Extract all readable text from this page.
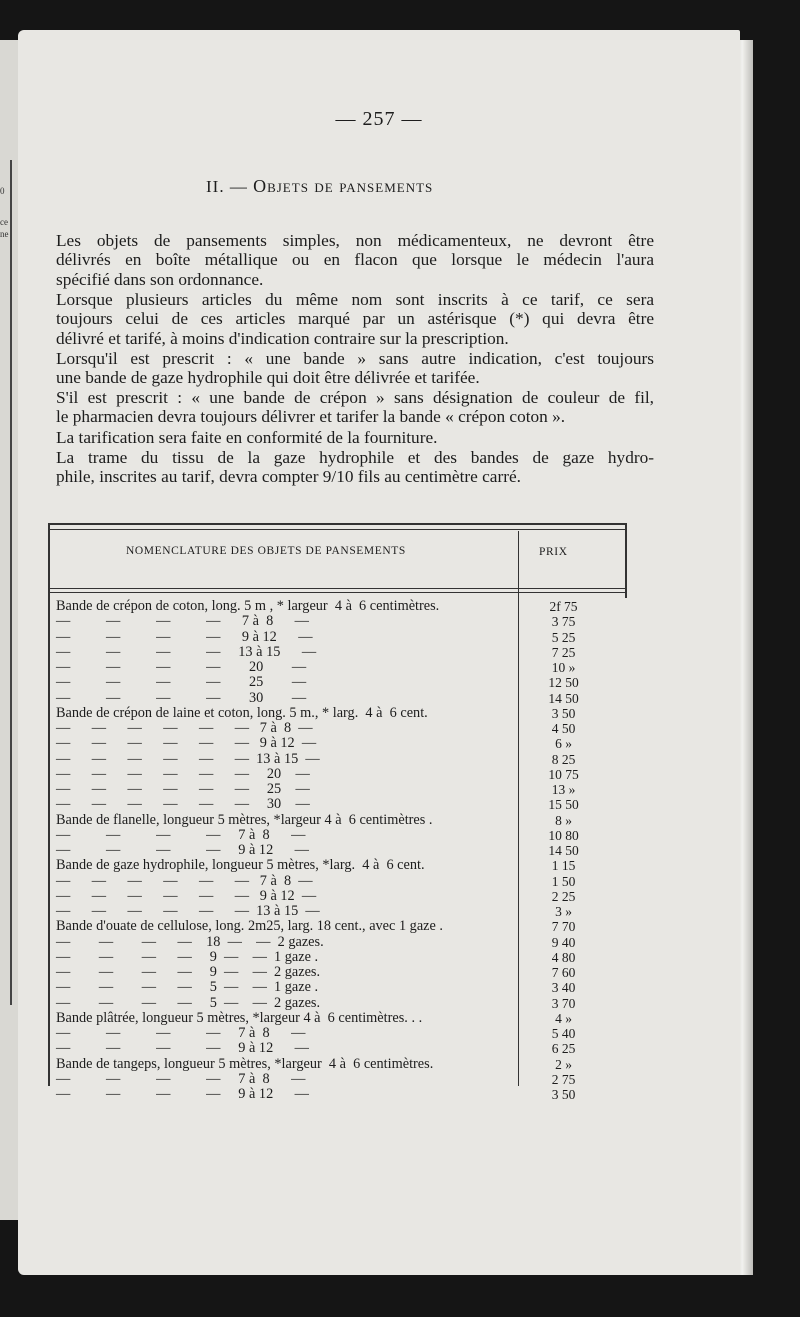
0
ce
ne
— 257 —
II. — Objets de pansements
Les objets de pansements simples, non médicamenteux, ne devront être
délivrés en boîte métallique ou en flacon que lorsque le médecin l'aura
spécifié dans son ordonnance.
Lorsque plusieurs articles du même nom sont inscrits à ce tarif, ce sera
toujours celui de ces articles marqué par un astérisque (*) qui devra être
délivré et tarifé, à moins d'indication contraire sur la prescription.
Lorsqu'il est prescrit : « une bande » sans autre indication, c'est toujours
une bande de gaze hydrophile qui doit être délivrée et tarifée.
S'il est prescrit : « une bande de crépon » sans désignation de couleur de fil,
le pharmacien devra toujours délivrer et tarifer la bande « crépon coton ».
La tarification sera faite en conformité de la fourniture.
La trame du tissu de la gaze hydrophile et des bandes de gaze hydro-
phile, inscrites au tarif, devra compter 9/10 fils au centimètre carré.
NOMENCLATURE DES OBJETS DE PANSEMENTS	PRIX
Bande de crépon de coton, long. 5 m , * largeur  4 à  6 centimètres.	2f 75
—          —          —          —      7 à  8      —	3 75
—          —          —          —      9 à 12      —	5 25
—          —          —          —     13 à 15      —	7 25
—          —          —          —        20        —	10 »
—          —          —          —        25        —	12 50
—          —          —          —        30        —	14 50
Bande de crépon de laine et coton, long. 5 m., * larg.  4 à  6 cent.	3 50
—      —      —      —      —      —   7 à  8  —	4 50
—      —      —      —      —      —   9 à 12  —	6 »
—      —      —      —      —      —  13 à 15  —	8 25
—      —      —      —      —      —     20    —	10 75
—      —      —      —      —      —     25    —	13 »
—      —      —      —      —      —     30    —	15 50
Bande de flanelle, longueur 5 mètres, *largeur 4 à  6 centimètres .	8 »
—          —          —          —     7 à  8      —	10 80
—          —          —          —     9 à 12      —	14 50
Bande de gaze hydrophile, longueur 5 mètres, *larg.  4 à  6 cent.	1 15
—      —      —      —      —      —   7 à  8  —	1 50
—      —      —      —      —      —   9 à 12  —	2 25
—      —      —      —      —      —  13 à 15  —	3 »
Bande d'ouate de cellulose, long. 2m25, larg. 18 cent., avec 1 gaze .	7 70
—        —        —      —    18  —    —  2 gazes.	9 40
—        —        —      —     9  —    —  1 gaze .	4 80
—        —        —      —     9  —    —  2 gazes.	7 60
—        —        —      —     5  —    —  1 gaze .	3 40
—        —        —      —     5  —    —  2 gazes.	3 70
Bande plâtrée, longueur 5 mètres, *largeur 4 à  6 centimètres. . .	4 »
—          —          —          —     7 à  8      —	5 40
—          —          —          —     9 à 12      —	6 25
Bande de tangeps, longueur 5 mètres, *largeur  4 à  6 centimètres.	2 »
—          —          —          —     7 à  8      —	2 75
—          —          —          —     9 à 12      —	3 50
